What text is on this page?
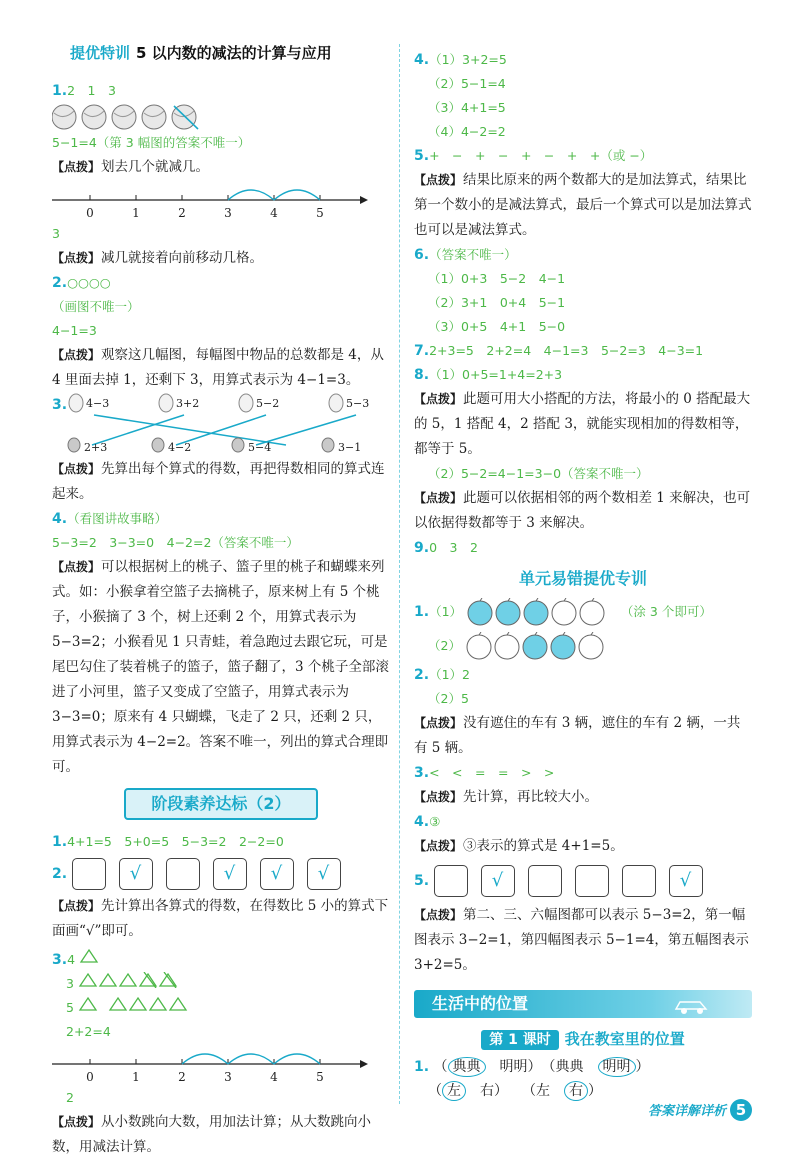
提优特训 5 以内数的减法的计算与应用
1.2　1　3
5−1=4（第 3 幅图的答案不唯一）
【点拨】划去几个就减几。
0	1	2	3	4	5
3
【点拨】减几就接着向前移动几格。
2.○○○○
（画图不唯一）
4−1=3
【点拨】观察这几幅图，每幅图中物品的总数都是 4，从 4 里面去掉 1，还剩下 3，用算式表示为 4−1=3。
3. 4−3	3+2	5−2	5−3
2+3	4−2	5−4	3−1
【点拨】先算出每个算式的得数，再把得数相同的算式连起来。
4.（看图讲故事略）
5−3=2　3−3=0　4−2=2（答案不唯一）
【点拨】可以根据树上的桃子、篮子里的桃子和蝴蝶来列式。如：小猴拿着空篮子去摘桃子，原来树上有 5 个桃子，小猴摘了 3 个，树上还剩 2 个，用算式表示为 5−3=2；小猴看见 1 只青蛙，着急跑过去跟它玩，可是尾巴勾住了装着桃子的篮子，篮子翻了，3 个桃子全部滚进了小河里，篮子又变成了空篮子，用算式表示为 3−3=0；原来有 4 只蝴蝶，飞走了 2 只，还剩 2 只，用算式表示为 4−2=2。答案不唯一，列出的算式合理即可。
阶段素养达标（2）
1.4+1=5　5+0=5　5−3=2　2−2=0
2.	√	√ √ √
【点拨】先计算出各算式的得数，在得数比 5 小的算式下面画“√”即可。
3.4
3
5
2+2=4
0	1	2	3	4	5
2
【点拨】从小数跳向大数，用加法计算；从大数跳向小数，用减法计算。
4.（1）3+2=5
（2）5−1=4
（3）4+1=5
（4）4−2=2
5.+　−　+　−　+　−　+　+（或 −）
【点拨】结果比原来的两个数都大的是加法算式，结果比第一个数小的是减法算式，最后一个算式可以是加法算式也可以是减法算式。
6.（答案不唯一）
（1）0+3　5−2　4−1
（2）3+1　0+4　5−1
（3）0+5　4+1　5−0
7.2+3=5　2+2=4　4−1=3　5−2=3　4−3=1
8.（1）0+5=1+4=2+3
【点拨】此题可用大小搭配的方法，将最小的 0 搭配最大的 5，1 搭配 4，2 搭配 3，就能实现相加的得数相等，都等于 5。
（2）5−2=4−1=3−0（答案不唯一）
【点拨】此题可以依据相邻的两个数相差 1 来解决，也可以依据得数都等于 3 来解决。
9.0　3　2
单元易错提优专训
1.（1）	（涂 3 个即可）
（2）
2.（1）2
（2）5
【点拨】没有遮住的车有 3 辆，遮住的车有 2 辆，一共有 5 辆。
3.<　<　=　=　>　>
【点拨】先计算，再比较大小。
4.③
【点拨】③表示的算式是 4+1=5。
5.	√	√
【点拨】第二、三、六幅图都可以表示 5−3=2，第一幅图表示 3−2=1，第四幅图表示 5−1=4，第五幅图表示 3+2=5。
生活中的位置
第 1 课时 我在教室里的位置
1. （ 典典　 明明）　（典典　 明明 ）
（ 左　 右）　　（左　 右 ）
答案详解详析 5
